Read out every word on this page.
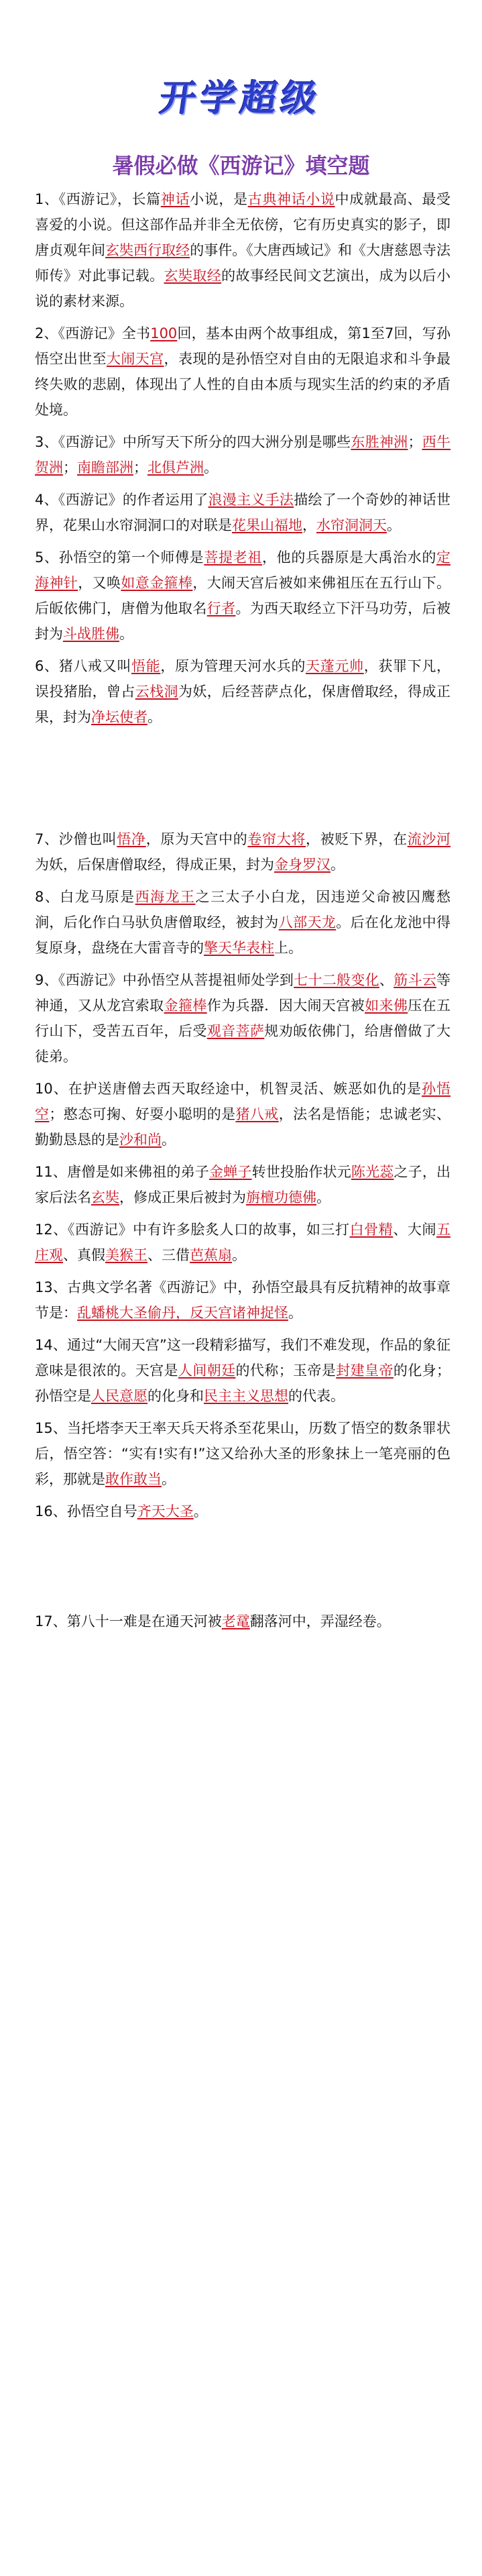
开学超级
暑假必做《西游记》填空题

1、《西游记》，长篇神话小说，是古典神话小说中成就最高、最受喜爱的小说。但这部作品并非全无依傍，它有历史真实的影子，即唐贞观年间玄奘西行取经的事件。《大唐西域记》和《大唐慈恩寺法师传》对此事记载。玄奘取经的故事经民间文艺演出，成为以后小说的素材来源。

2、《西游记》全书100回，基本由两个故事组成，第1至7回，写孙悟空出世至大闹天宫，表现的是孙悟空对自由的无限追求和斗争最终失败的悲剧，体现出了人性的自由本质与现实生活的约束的矛盾处境。

3、《西游记》中所写天下所分的四大洲分别是哪些东胜神洲；西牛贺洲；南瞻部洲；北俱芦洲。

4、《西游记》的作者运用了浪漫主义手法描绘了一个奇妙的神话世界，花果山水帘洞洞口的对联是花果山福地，水帘洞洞天。

5、孙悟空的第一个师傅是菩提老祖，他的兵器原是大禹治水的定海神针，又唤如意金箍棒，大闹天宫后被如来佛祖压在五行山下。后皈依佛门，唐僧为他取名行者。为西天取经立下汗马功劳，后被封为斗战胜佛。

6、猪八戒又叫悟能，原为管理天河水兵的天蓬元帅，获罪下凡，误投猪胎，曾占云栈洞为妖，后经菩萨点化，保唐僧取经，得成正果，封为净坛使者。

7、沙僧也叫悟净，原为天宫中的卷帘大将，被贬下界，在流沙河为妖，后保唐僧取经，得成正果，封为金身罗汉。

8、白龙马原是西海龙王之三太子小白龙，因违逆父命被囚鹰愁涧，后化作白马驮负唐僧取经，被封为八部天龙。后在化龙池中得复原身，盘绕在大雷音寺的擎天华表柱上。

9、《西游记》中孙悟空从菩提祖师处学到七十二般变化、筋斗云等神通，又从龙宫索取金箍棒作为兵器．因大闹天宫被如来佛压在五行山下，受苦五百年，后受观音菩萨规劝皈依佛门，给唐僧做了大徒弟。

10、在护送唐僧去西天取经途中，机智灵活、嫉恶如仇的是孙悟空；憨态可掬、好耍小聪明的是猪八戒，法名是悟能；忠诚老实、勤勤恳恳的是沙和尚。

11、唐僧是如来佛祖的弟子金蝉子转世投胎作状元陈光蕊之子，出家后法名玄奘，修成正果后被封为旃檀功德佛。

12、《西游记》中有许多脍炙人口的故事，如三打白骨精、大闹五庄观、真假美猴王、三借芭蕉扇。

13、古典文学名著《西游记》中，孙悟空最具有反抗精神的故事章节是：乱蟠桃大圣偷丹，反天宫诸神捉怪。

14、通过“大闹天宫”这一段精彩描写，我们不难发现，作品的象征意味是很浓的。天宫是人间朝廷的代称；玉帝是封建皇帝的化身；孙悟空是人民意愿的化身和民主主义思想的代表。

15、当托塔李天王率天兵天将杀至花果山，历数了悟空的数条罪状后，悟空答：“实有!实有!”这又给孙大圣的形象抹上一笔亮丽的色彩，那就是敢作敢当。

16、孙悟空自号齐天大圣。

17、第八十一难是在通天河被老鼋翻落河中，弄湿经卷。
